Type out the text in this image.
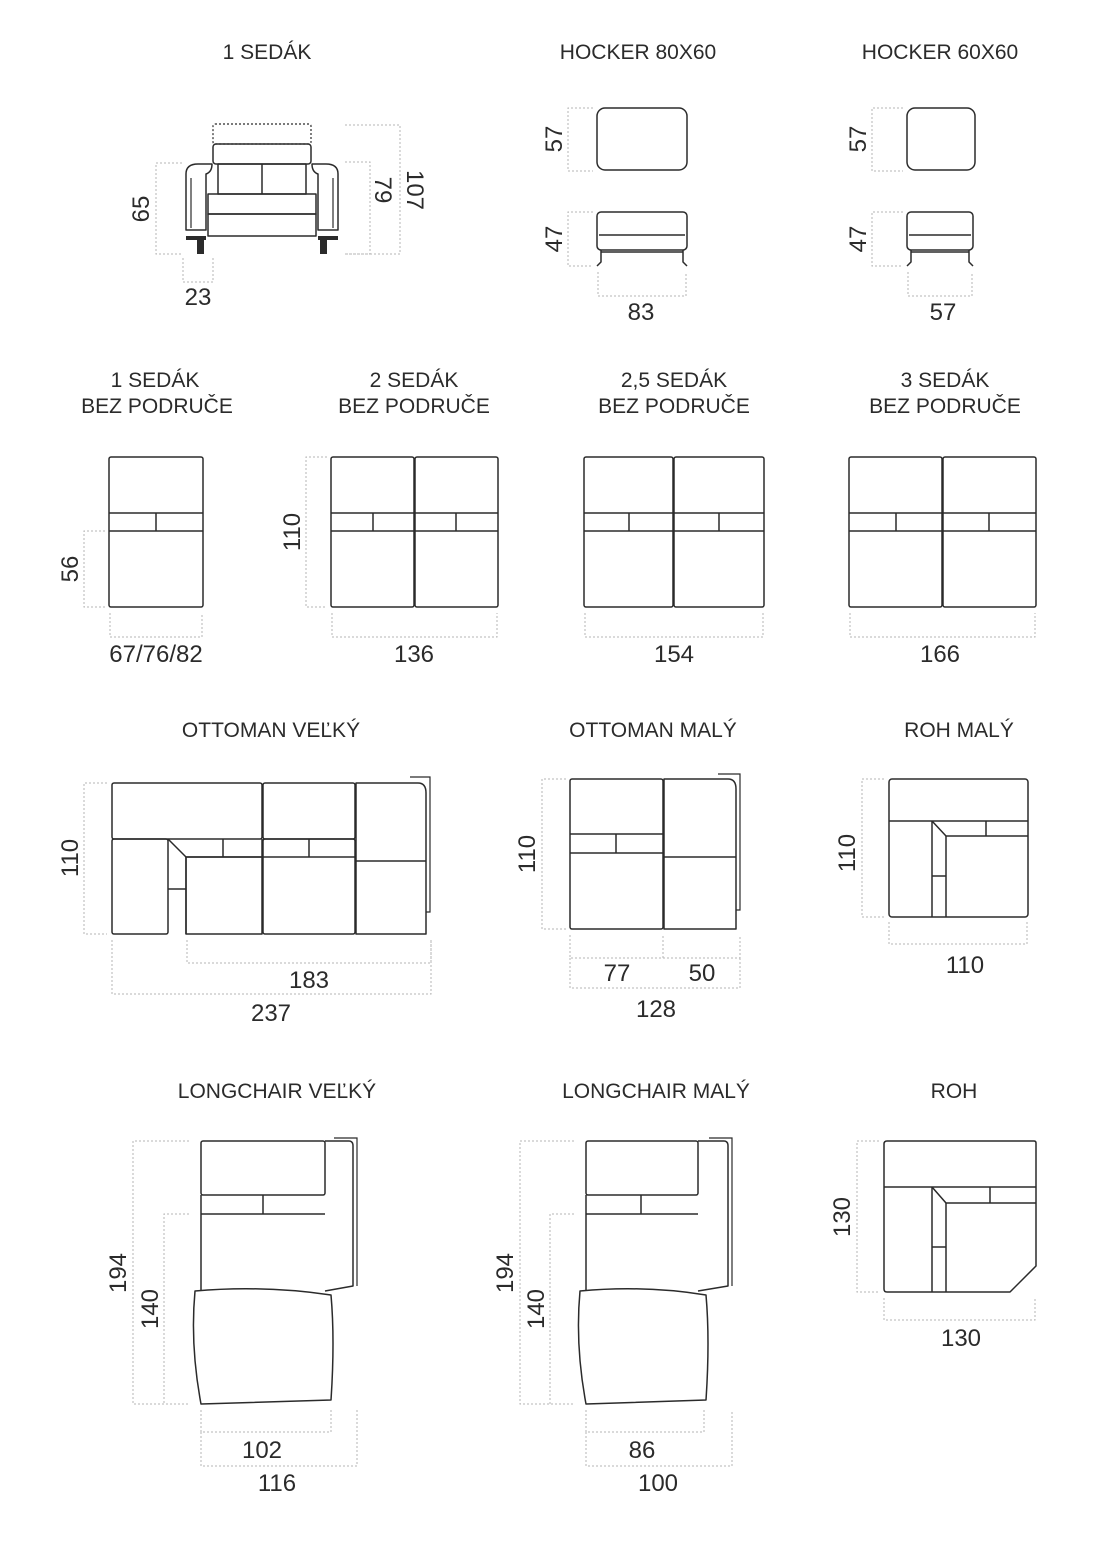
1 SEDÁK
65
23
79 107
HOCKER 80X60
57
47
83
HOCKER 60X60
57
47
57
1 SEDÁK
BEZ PODRUČE
56
67/76/82
2 SEDÁK
BEZ PODRUČE
110
136
2,5 SEDÁK
BEZ PODRUČE
154
3 SEDÁK
BEZ PODRUČE
166
OTTOMAN VEĽKÝ
110
183
237
OTTOMAN MALÝ
110
77 50
128
ROH MALÝ
110
110
LONGCHAIR VEĽKÝ
194
140
102
116
LONGCHAIR MALÝ
194
140
86
100
ROH
130
130
